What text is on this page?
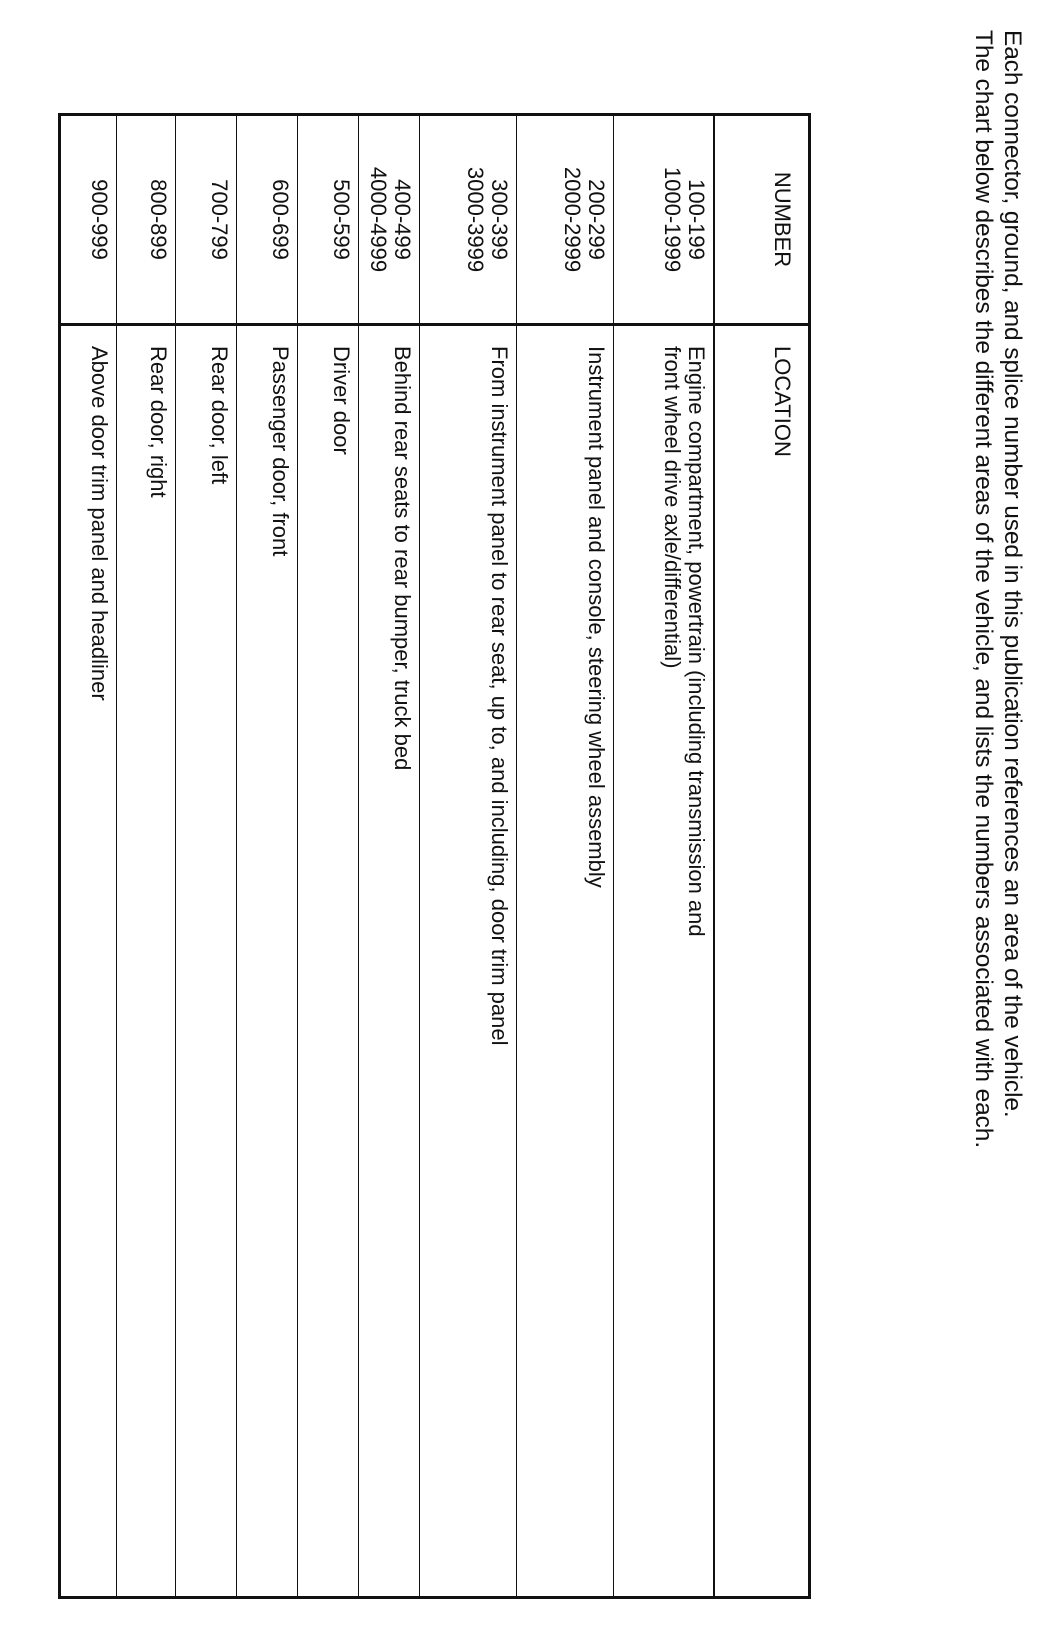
Each connector, ground, and splice number used in this publication references an area of the vehicle.

The chart below describes the different areas of the vehicle, and lists the numbers associated with each.

NUMBER
LOCATION
100-199
1000-1999
Engine compartment, powertrain (including transmission and
front wheel drive axle/differential)
200-299
2000-2999
Instrument panel and console, steering wheel assembly
300-399
3000-3999
From instrument panel to rear seat, up to, and including, door trim panel
400-499
4000-4999
Behind rear seats to rear bumper, truck bed
500-599
Driver door
600-699
Passenger door, front
700-799
Rear door, left
800-899
Rear door, right
900-999
Above door trim panel and headliner
